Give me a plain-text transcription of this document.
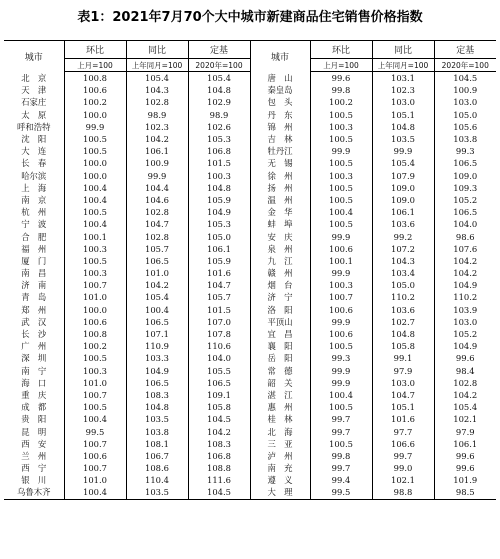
表1：2021年7月70个大中城市新建商品住宅销售价格指数
城市	环比	同比	定基	城市	环比	同比	定基
	上月=100	上年同月=100	2020年=100		上月=100	上年同月=100	2020年=100
北　京	100.8	105.4	105.4	唐　山	99.6	103.1	104.5
天　津	100.6	104.3	104.8	秦皇岛	99.8	102.3	100.9
石家庄	100.2	102.8	102.9	包　头	100.2	103.0	103.0
太　原	100.0	98.9	98.9	丹　东	100.5	105.1	105.0
呼和浩特	99.9	102.3	102.6	锦　州	100.3	104.8	105.6
沈　阳	100.5	104.2	105.3	吉　林	100.5	103.5	103.8
大　连	100.5	106.1	106.8	牡丹江	99.9	99.9	99.3
长　春	100.0	100.9	101.5	无　锡	100.5	105.4	106.5
哈尔滨	100.0	99.9	100.3	徐　州	100.3	107.9	109.0
上　海	100.4	104.4	104.8	扬　州	100.5	109.0	109.3
南　京	100.4	104.6	105.9	温　州	100.5	109.0	105.2
杭　州	100.5	102.8	104.9	金　华	100.4	106.1	106.5
宁　波	100.4	104.7	105.3	蚌　埠	100.5	103.6	104.0
合　肥	100.1	102.8	105.0	安　庆	99.9	99.2	98.6
福　州	100.3	105.7	106.1	泉　州	100.6	107.2	107.6
厦　门	100.5	106.5	105.9	九　江	100.1	104.3	104.2
南　昌	100.3	101.0	101.6	赣　州	99.9	103.4	104.2
济　南	100.7	104.2	104.7	烟　台	100.3	105.0	104.9
青　岛	101.0	105.4	105.7	济　宁	100.7	110.2	110.2
郑　州	100.0	100.4	101.5	洛　阳	100.6	103.6	103.9
武　汉	100.6	106.5	107.0	平顶山	99.9	102.7	103.0
长　沙	100.8	107.1	107.8	宜　昌	100.6	104.8	105.2
广　州	100.2	110.9	110.6	襄　阳	100.5	105.8	104.9
深　圳	100.5	103.3	104.0	岳　阳	99.3	99.1	99.6
南　宁	100.3	104.9	105.5	常　德	99.9	97.9	98.4
海　口	101.0	106.5	106.5	韶　关	99.9	103.0	102.8
重　庆	100.7	108.3	109.1	湛　江	100.4	104.7	104.2
成　都	100.5	104.8	105.8	惠　州	100.5	105.1	105.4
贵　阳	100.4	103.5	104.5	桂　林	99.7	101.6	102.1
昆　明	99.5	103.8	104.2	北　海	99.7	97.7	97.9
西　安	100.7	108.1	108.3	三　亚	100.5	106.6	106.1
兰　州	100.6	106.7	106.8	泸　州	99.8	99.7	99.6
西　宁	100.7	108.6	108.8	南　充	99.7	99.0	99.6
银　川	101.0	110.4	111.6	遵　义	99.4	102.1	101.9
乌鲁木齐	100.4	103.5	104.5	大　理	99.5	98.8	98.5
